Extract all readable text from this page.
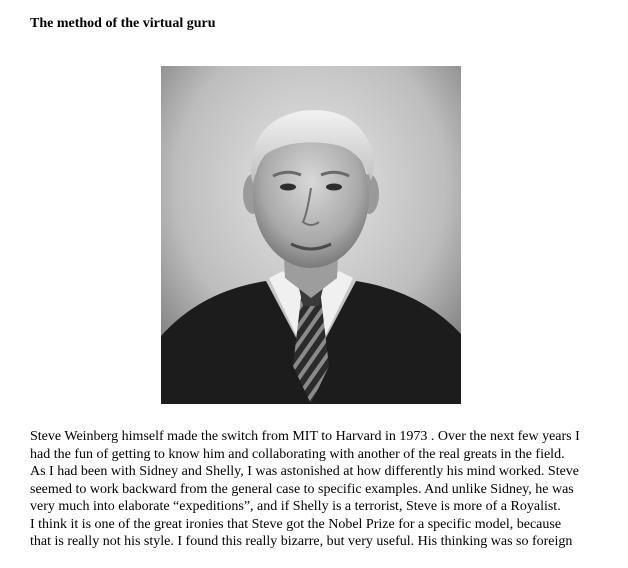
The method of the virtual guru
Steve Weinberg himself made the switch from MIT to Harvard in 1973 . Over the next few years I
had the fun of getting to know him and collaborating with another of the real greats in the field.
As I had been with Sidney and Shelly, I was astonished at how differently his mind worked. Steve
seemed to work backward from the general case to specific examples. And unlike Sidney, he was
very much into elaborate “expeditions”, and if Shelly is a terrorist, Steve is more of a Royalist.
I think it is one of the great ironies that Steve got the Nobel Prize for a specific model, because
that is really not his style. I found this really bizarre, but very useful. His thinking was so foreign
